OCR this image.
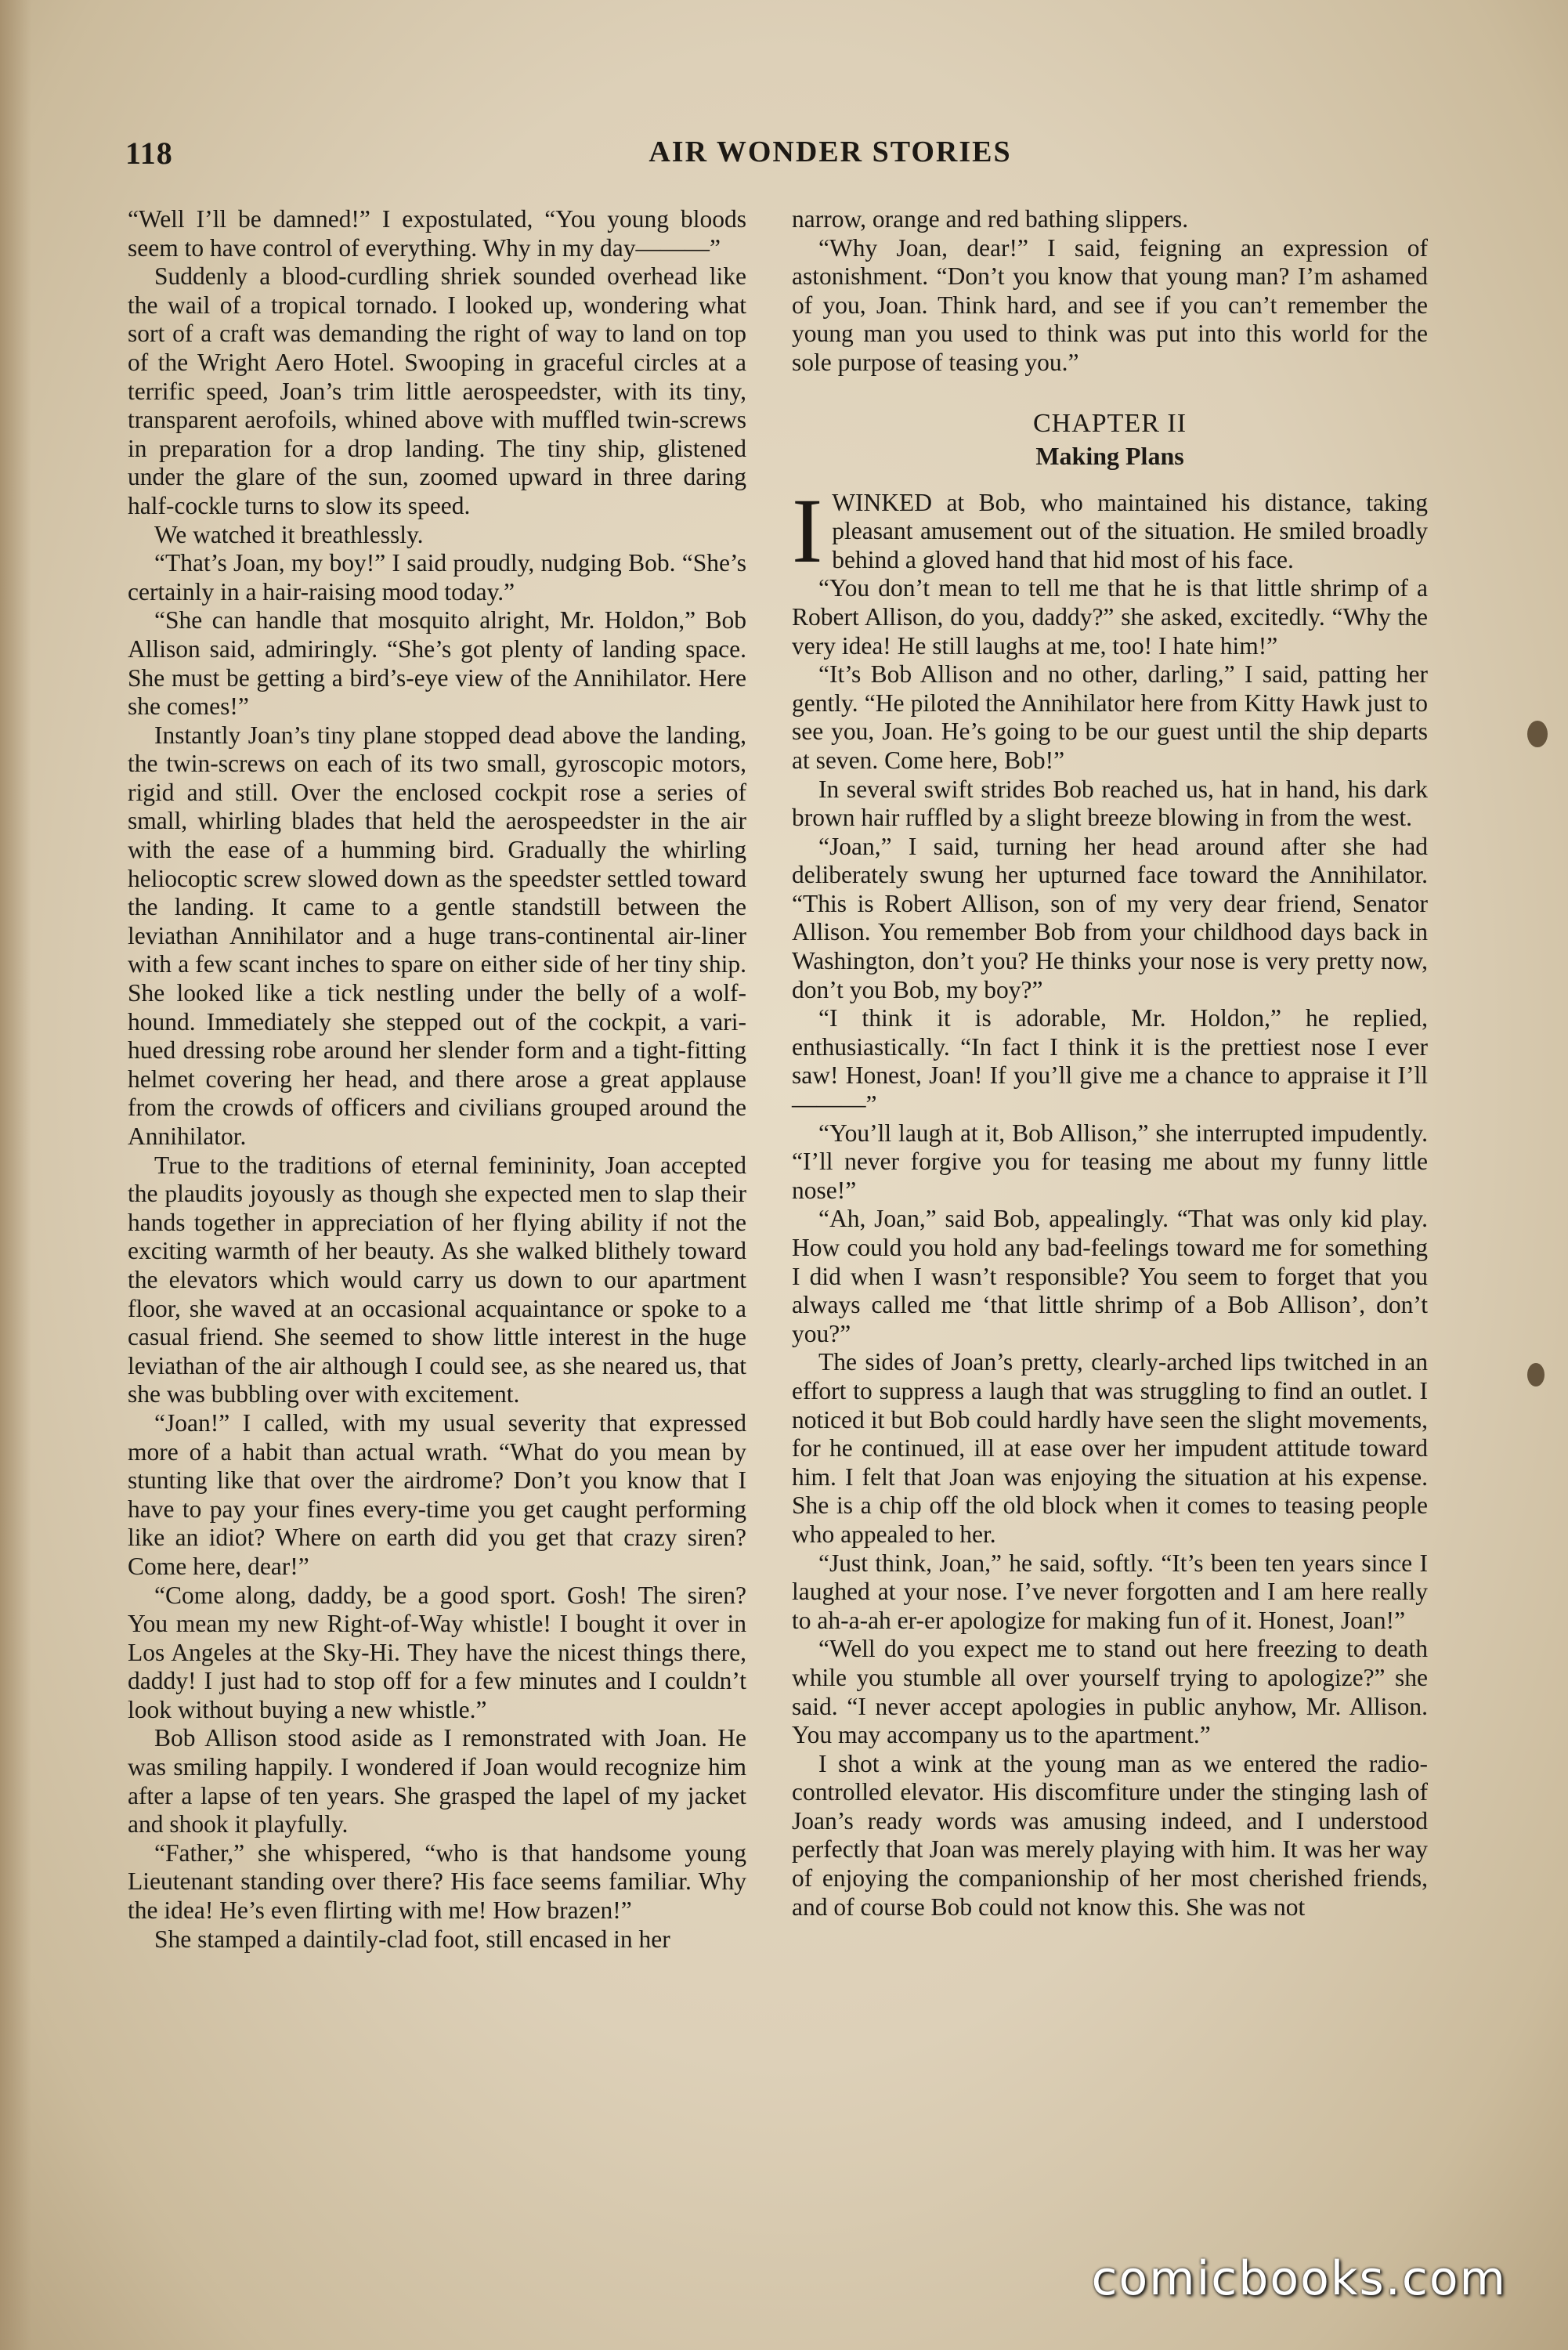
118	AIR WONDER STORIES

“Well I’ll be damned!” I expostulated, “You young bloods seem to have control of everything. Why in my day———”

Suddenly a blood-curdling shriek sounded overhead like the wail of a tropical tornado. I looked up, wondering what sort of a craft was demanding the right of way to land on top of the Wright Aero Hotel. Swooping in graceful circles at a terrific speed, Joan’s trim little aerospeedster, with its tiny, transparent aerofoils, whined above with muffled twin-screws in preparation for a drop landing. The tiny ship, glistened under the glare of the sun, zoomed upward in three daring half-cockle turns to slow its speed.

We watched it breathlessly.

“That’s Joan, my boy!” I said proudly, nudging Bob. “She’s certainly in a hair-raising mood today.”

“She can handle that mosquito alright, Mr. Holdon,” Bob Allison said, admiringly. “She’s got plenty of landing space. She must be getting a bird’s-eye view of the Annihilator. Here she comes!”

Instantly Joan’s tiny plane stopped dead above the landing, the twin-screws on each of its two small, gyroscopic motors, rigid and still. Over the enclosed cockpit rose a series of small, whirling blades that held the aerospeedster in the air with the ease of a humming bird. Gradually the whirling heliocoptic screw slowed down as the speedster settled toward the landing. It came to a gentle standstill between the leviathan Annihilator and a huge trans-continental air-liner with a few scant inches to spare on either side of her tiny ship. She looked like a tick nestling under the belly of a wolf-hound. Immediately she stepped out of the cockpit, a vari-hued dressing robe around her slender form and a tight-fitting helmet covering her head, and there arose a great applause from the crowds of officers and civilians grouped around the Annihilator.

True to the traditions of eternal femininity, Joan accepted the plaudits joyously as though she expected men to slap their hands together in appreciation of her flying ability if not the exciting warmth of her beauty. As she walked blithely toward the elevators which would carry us down to our apartment floor, she waved at an occasional acquaintance or spoke to a casual friend. She seemed to show little interest in the huge leviathan of the air although I could see, as she neared us, that she was bubbling over with excitement.

“Joan!” I called, with my usual severity that expressed more of a habit than actual wrath. “What do you mean by stunting like that over the airdrome? Don’t you know that I have to pay your fines every-time you get caught performing like an idiot? Where on earth did you get that crazy siren? Come here, dear!”

“Come along, daddy, be a good sport. Gosh! The siren? You mean my new Right-of-Way whistle! I bought it over in Los Angeles at the Sky-Hi. They have the nicest things there, daddy! I just had to stop off for a few minutes and I couldn’t look without buying a new whistle.”

Bob Allison stood aside as I remonstrated with Joan. He was smiling happily. I wondered if Joan would recognize him after a lapse of ten years. She grasped the lapel of my jacket and shook it playfully.

“Father,” she whispered, “who is that handsome young Lieutenant standing over there? His face seems familiar. Why the idea! He’s even flirting with me! How brazen!”

She stamped a daintily-clad foot, still encased in her

narrow, orange and red bathing slippers.

“Why Joan, dear!” I said, feigning an expression of astonishment. “Don’t you know that young man? I’m ashamed of you, Joan. Think hard, and see if you can’t remember the young man you used to think was put into this world for the sole purpose of teasing you.”

CHAPTER II
Making Plans

IWINKED at Bob, who maintained his distance, taking pleasant amusement out of the situation. He smiled broadly behind a gloved hand that hid most of his face.

“You don’t mean to tell me that he is that little shrimp of a Robert Allison, do you, daddy?” she asked, excitedly. “Why the very idea! He still laughs at me, too! I hate him!”

“It’s Bob Allison and no other, darling,” I said, patting her gently. “He piloted the Annihilator here from Kitty Hawk just to see you, Joan. He’s going to be our guest until the ship departs at seven. Come here, Bob!”

In several swift strides Bob reached us, hat in hand, his dark brown hair ruffled by a slight breeze blowing in from the west.

“Joan,” I said, turning her head around after she had deliberately swung her upturned face toward the Annihilator. “This is Robert Allison, son of my very dear friend, Senator Allison. You remember Bob from your childhood days back in Washington, don’t you? He thinks your nose is very pretty now, don’t you Bob, my boy?”

“I think it is adorable, Mr. Holdon,” he replied, enthusiastically. “In fact I think it is the prettiest nose I ever saw! Honest, Joan! If you’ll give me a chance to appraise it I’ll———”

“You’ll laugh at it, Bob Allison,” she interrupted impudently. “I’ll never forgive you for teasing me about my funny little nose!”

“Ah, Joan,” said Bob, appealingly. “That was only kid play. How could you hold any bad-feelings toward me for something I did when I wasn’t responsible? You seem to forget that you always called me ‘that little shrimp of a Bob Allison’, don’t you?”

The sides of Joan’s pretty, clearly-arched lips twitched in an effort to suppress a laugh that was struggling to find an outlet. I noticed it but Bob could hardly have seen the slight movements, for he continued, ill at ease over her impudent attitude toward him. I felt that Joan was enjoying the situation at his expense. She is a chip off the old block when it comes to teasing people who appealed to her.

“Just think, Joan,” he said, softly. “It’s been ten years since I laughed at your nose. I’ve never forgotten and I am here really to ah-a-ah er-er apologize for making fun of it. Honest, Joan!”

“Well do you expect me to stand out here freezing to death while you stumble all over yourself trying to apologize?” she said. “I never accept apologies in public anyhow, Mr. Allison. You may accompany us to the apartment.”

I shot a wink at the young man as we entered the radio-controlled elevator. His discomfiture under the stinging lash of Joan’s ready words was amusing indeed, and I understood perfectly that Joan was merely playing with him. It was her way of enjoying the companionship of her most cherished friends, and of course Bob could not know this. She was not

comicbooks.com
